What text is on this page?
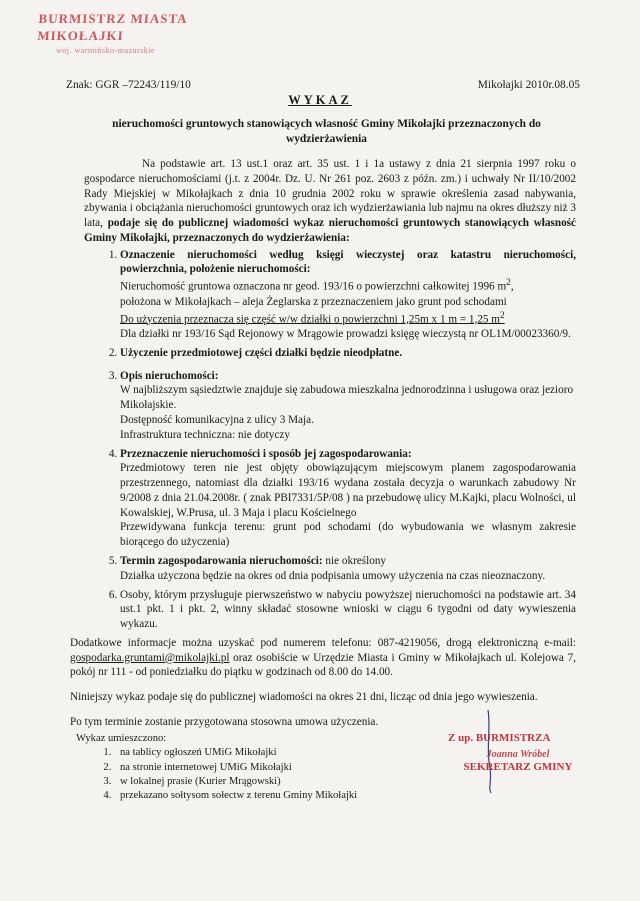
BURMISTRZ MIASTA MIKOŁAJKI
woj. warmińsko-mazurskie
Znak: GGR –72243/119/10	Mikołajki 2010r.08.05
WYKAZ
nieruchomości gruntowych stanowiących własność Gminy Mikołajki przeznaczonych do wydzierżawienia

Na podstawie art. 13 ust.1 oraz art. 35 ust. 1 i 1a ustawy z dnia 21 sierpnia 1997 roku o gospodarce nieruchomościami (j.t. z 2004r. Dz. U. Nr 261 poz. 2603 z późn. zm.) i uchwały Nr II/10/2002 Rady Miejskiej w Mikołajkach z dnia 10 grudnia 2002 roku w sprawie określenia zasad nabywania, zbywania i obciążania nieruchomości gruntowych oraz ich wydzierżawiania lub najmu na okres dłuższy niż 3 lata, podaje się do publicznej wiadomości wykaz nieruchomości gruntowych stanowiących własność Gminy Mikołajki, przeznaczonych do wydzierżawienia:

1. Oznaczenie nieruchomości według księgi wieczystej oraz katastru nieruchomości, powierzchnia, położenie nieruchomości:
Nieruchomość gruntowa oznaczona nr geod. 193/16 o powierzchni całkowitej 1996 $m^2$,
położona w Mikołajkach – aleja Żeglarska z przeznaczeniem jako grunt pod schodami
Do użyczenia przeznacza się część w/w działki o powierzchni 1,25m x 1 m = 1,25 $m^2$
Dla działki nr 193/16 Sąd Rejonowy w Mrągowie prowadzi księgę wieczystą nr OL1M/00023360/9.
2. Użyczenie przedmiotowej części działki będzie nieodpłatne.
3. Opis nieruchomości:
W najbliższym sąsiedztwie znajduje się zabudowa mieszkalna jednorodzinna i usługowa oraz jezioro Mikołajskie.
Dostępność komunikacyjna z ulicy 3 Maja.
Infrastruktura techniczna: nie dotyczy
4. Przeznaczenie nieruchomości i sposób jej zagospodarowania:
Przedmiotowy teren nie jest objęty obowiązującym miejscowym planem zagospodarowania przestrzennego, natomiast dla działki 193/16 wydana została decyzja o warunkach zabudowy Nr 9/2008 z dnia 21.04.2008r. ( znak PBI7331/5P/08 ) na przebudowę ulicy M.Kajki, placu Wolności, ul Kowalskiej, W.Prusa, ul. 3 Maja i placu Kościelnego
Przewidywana funkcja terenu: grunt pod schodami (do wybudowania we własnym zakresie biorącego do użyczenia)
5. Termin zagospodarowania nieruchomości: nie określony
Działka użyczona będzie na okres od dnia podpisania umowy użyczenia na czas nieoznaczony.
6. Osoby, którym przysługuje pierwszeństwo w nabyciu powyższej nieruchomości na podstawie art. 34 ust.1 pkt. 1 i pkt. 2, winny składać stosowne wnioski w ciągu 6 tygodni od daty wywieszenia wykazu.

Dodatkowe informacje można uzyskać pod numerem telefonu: 087-4219056, drogą elektroniczną e-mail: gospodarka.gruntami@mikolajki.pl oraz osobiście w Urzędzie Miasta i Gminy w Mikołajkach ul. Kolejowa 7, pokój nr 111 - od poniedziałku do piątku w godzinach od 8.00 do 14.00.

Niniejszy wykaz podaje się do publicznej wiadomości na okres 21 dni, licząc od dnia jego wywieszenia.

Po tym terminie zostanie przygotowana stosowna umowa użyczenia.

Wykaz umieszczono:
1. na tablicy ogłoszeń UMiG Mikołajki
2. na stronie internetowej UMiG Mikołajki
3. w lokalnej prasie (Kurier Mrągowski)
4. przekazano sołtysom sołectw z terenu Gminy Mikołajki
Z up. BURMISTRZA
Joanna Wróbel
SEKRETARZ GMINY
